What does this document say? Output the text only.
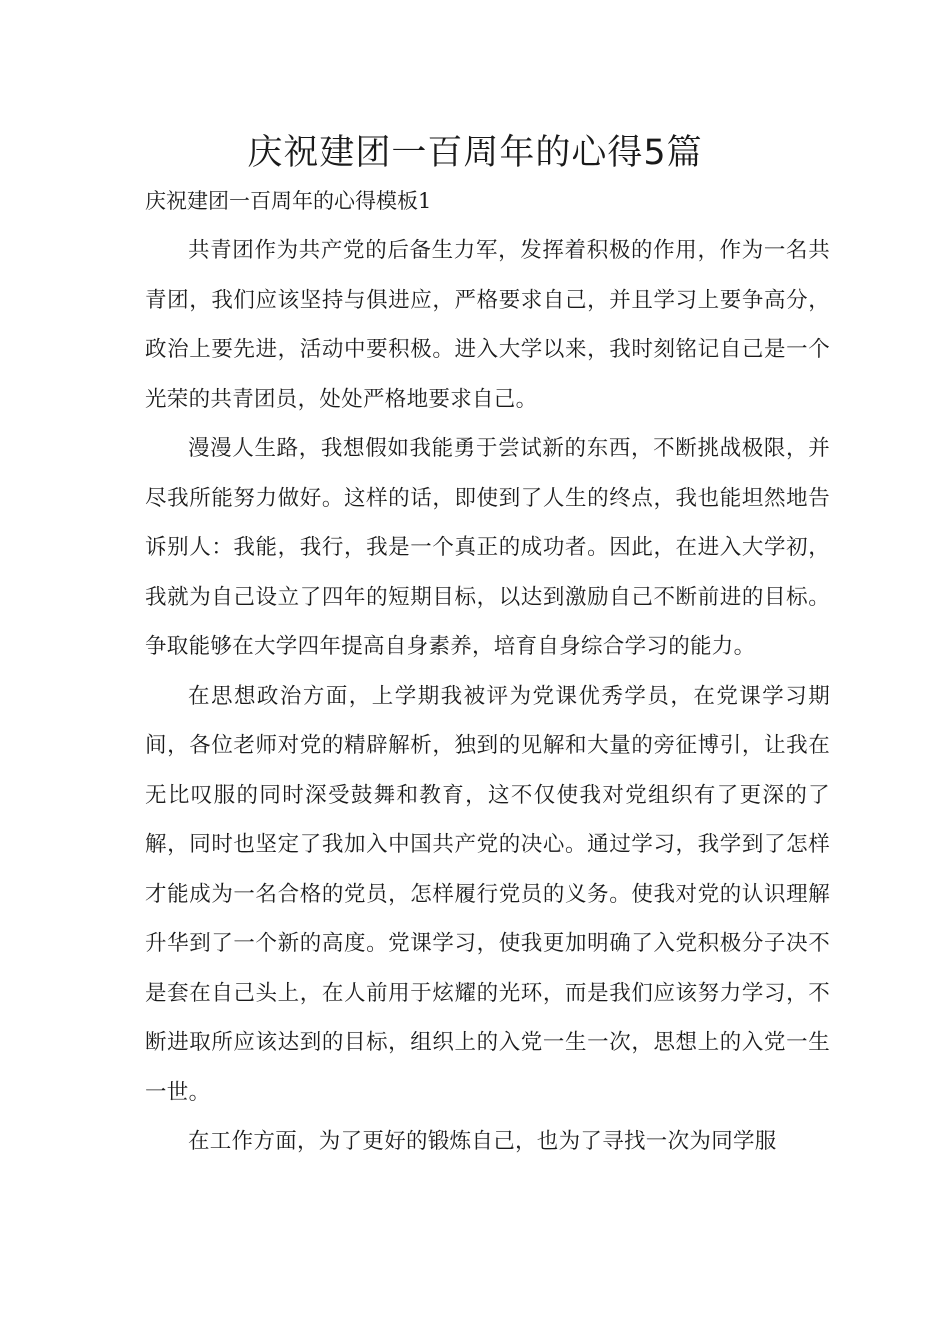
庆祝建团一百周年的心得5篇

庆祝建团一百周年的心得模板1

共青团作为共产党的后备生力军，发挥着积极的作用，作为一名共青团，我们应该坚持与俱进应，严格要求自己，并且学习上要争高分，政治上要先进，活动中要积极。进入大学以来，我时刻铭记自己是一个光荣的共青团员，处处严格地要求自己。

漫漫人生路，我想假如我能勇于尝试新的东西，不断挑战极限，并尽我所能努力做好。这样的话，即使到了人生的终点，我也能坦然地告诉别人：我能，我行，我是一个真正的成功者。因此，在进入大学初，我就为自己设立了四年的短期目标，以达到激励自己不断前进的目标。争取能够在大学四年提高自身素养，培育自身综合学习的能力。

在思想政治方面，上学期我被评为党课优秀学员，在党课学习期间，各位老师对党的精辟解析，独到的见解和大量的旁征博引，让我在无比叹服的同时深受鼓舞和教育，这不仅使我对党组织有了更深的了解，同时也坚定了我加入中国共产党的决心。通过学习，我学到了怎样才能成为一名合格的党员，怎样履行党员的义务。使我对党的认识理解升华到了一个新的高度。党课学习，使我更加明确了入党积极分子决不是套在自己头上，在人前用于炫耀的光环，而是我们应该努力学习，不断进取所应该达到的目标，组织上的入党一生一次，思想上的入党一生一世。

在工作方面，为了更好的锻炼自己，也为了寻找一次为同学服
